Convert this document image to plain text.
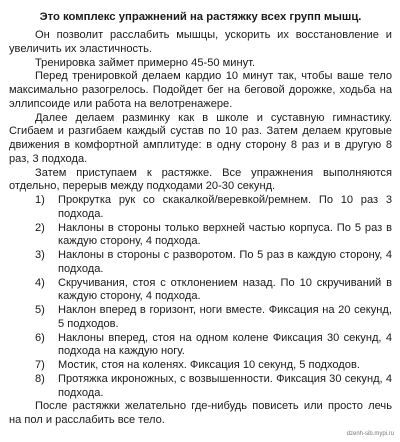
Это комплекс упражнений на растяжку всех групп мышц.

Он позволит расслабить мышцы, ускорить их восстановление и увеличить их эластичность.

Тренировка займет примерно 45-50 минут.

Перед тренировкой делаем кардио 10 минут так, чтобы ваше тело максимально разогрелось. Подойдет бег на беговой дорожке, ходьба на эллипсоиде или работа на велотренажере.

Далее делаем разминку как в школе и суставную гимнастику. Сгибаем и разгибаем каждый сустав по 10 раз. Затем делаем круговые движения в комфортной амплитуде: в одну сторону 8 раз и в другую 8 раз, 3 подхода.

Затем приступаем к растяжке. Все упражнения выполняются отдельно, перерыв между подходами 20-30 секунд.

1) Прокрутка рук со скакалкой/веревкой/ремнем. По 10 раз 3 подхода.
2) Наклоны в стороны только верхней частью корпуса. По 5 раз в каждую сторону, 4 подхода.
3) Наклоны в стороны с разворотом. По 5 раз в каждую сторону, 4 подхода.
4) Скручивания, стоя с отклонением назад. По 10 скручиваний в каждую сторону, 4 подхода.
5) Наклон вперед в горизонт, ноги вместе. Фиксация на 20 секунд, 5 подходов.
6) Наклоны вперед, стоя на одном колене Фиксация 30 секунд, 4 подхода на каждую ногу.
7) Мостик, стоя на коленях. Фиксация 10 секунд, 5 подходов.
8) Протяжка икроножных, с возвышенности. Фиксация 30 секунд, 4 подхода.

После растяжки желательно где-нибудь повисеть или просто лечь на пол и расслабить все тело.

dzenh-sib.mypi.ru
